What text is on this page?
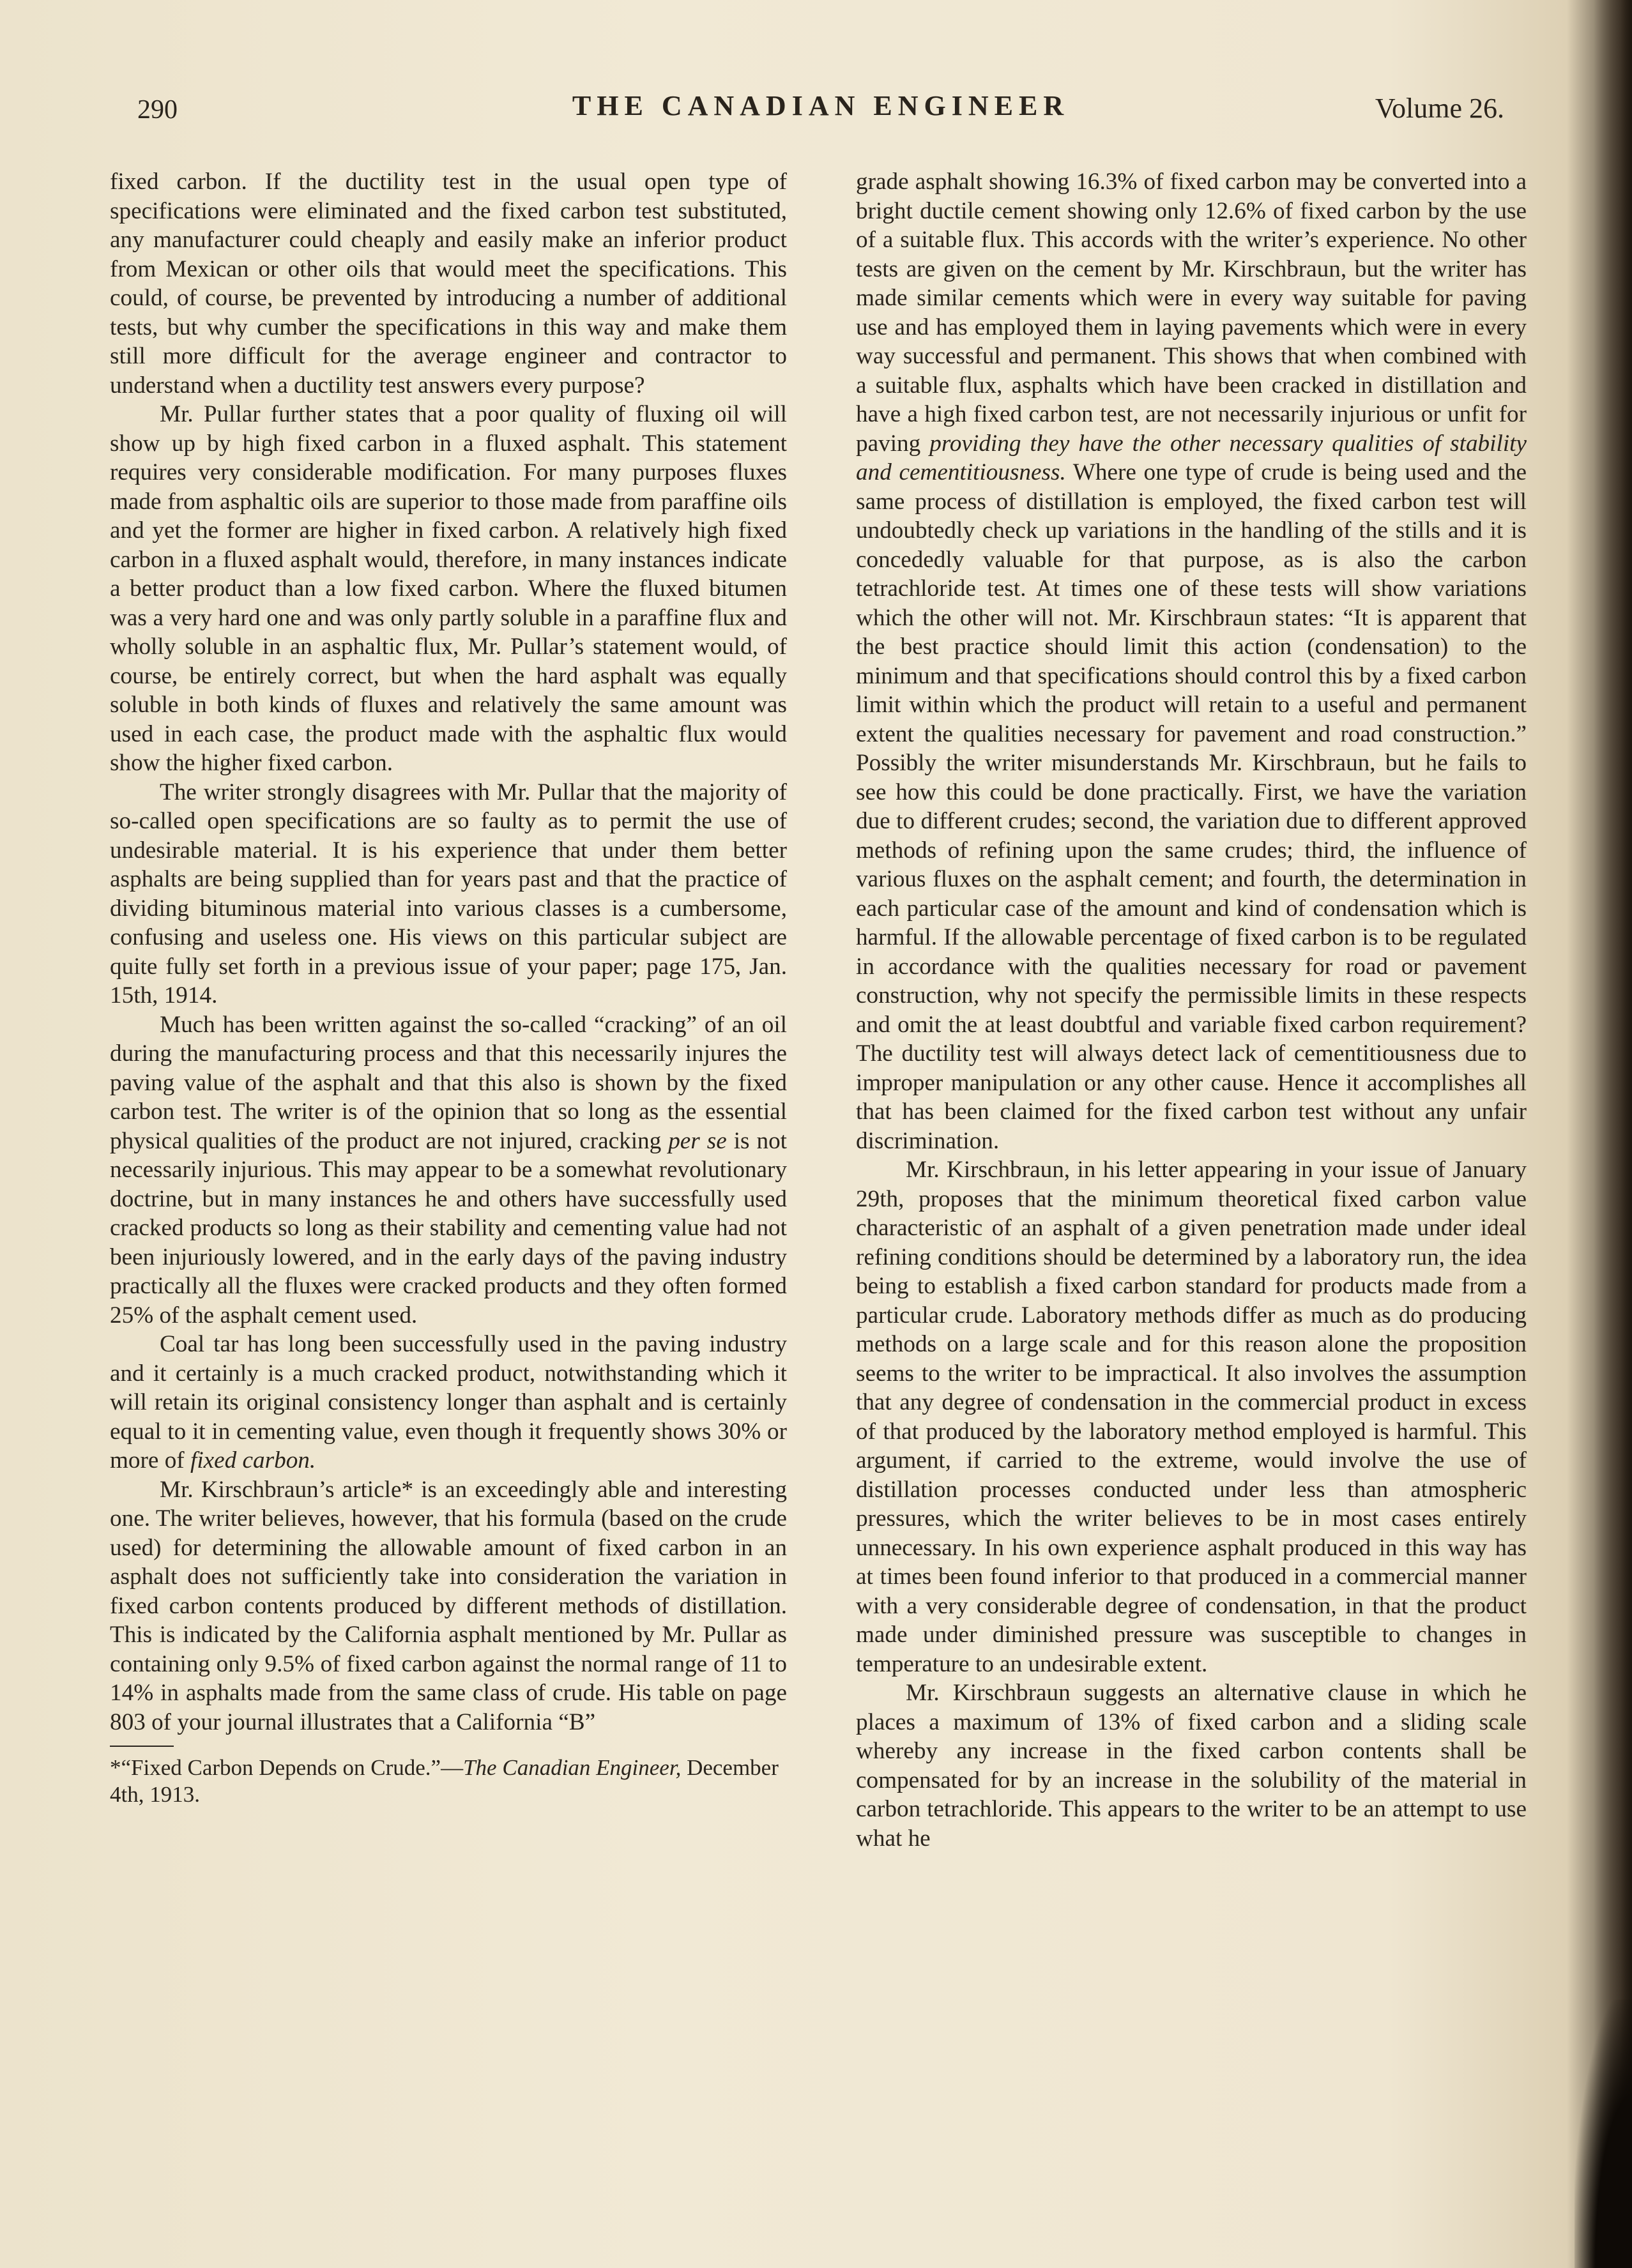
290	THE CANADIAN ENGINEER	Volume 26.

fixed carbon. If the ductility test in the usual open type of specifications were eliminated and the fixed carbon test substituted, any manufacturer could cheaply and easily make an inferior product from Mexican or other oils that would meet the specifications. This could, of course, be prevented by introducing a number of additional tests, but why cumber the specifications in this way and make them still more difficult for the average engineer and contractor to understand when a ductility test answers every purpose?

Mr. Pullar further states that a poor quality of fluxing oil will show up by high fixed carbon in a fluxed asphalt. This statement requires very considerable modification. For many purposes fluxes made from asphaltic oils are superior to those made from paraffine oils and yet the former are higher in fixed carbon. A relatively high fixed carbon in a fluxed asphalt would, therefore, in many instances indicate a better product than a low fixed carbon. Where the fluxed bitumen was a very hard one and was only partly soluble in a paraffine flux and wholly soluble in an asphaltic flux, Mr. Pullar’s statement would, of course, be entirely correct, but when the hard asphalt was equally soluble in both kinds of fluxes and relatively the same amount was used in each case, the product made with the asphaltic flux would show the higher fixed carbon.

The writer strongly disagrees with Mr. Pullar that the majority of so-called open specifications are so faulty as to permit the use of undesirable material. It is his experience that under them better asphalts are being supplied than for years past and that the practice of dividing bituminous material into various classes is a cumbersome, confusing and useless one. His views on this particular subject are quite fully set forth in a previous issue of your paper; page 175, Jan. 15th, 1914.

Much has been written against the so-called “cracking” of an oil during the manufacturing process and that this necessarily injures the paving value of the asphalt and that this also is shown by the fixed carbon test. The writer is of the opinion that so long as the essential physical qualities of the product are not injured, cracking per se is not necessarily injurious. This may appear to be a somewhat revolutionary doctrine, but in many instances he and others have successfully used cracked products so long as their stability and cementing value had not been injuriously lowered, and in the early days of the paving industry practically all the fluxes were cracked products and they often formed 25% of the asphalt cement used.

Coal tar has long been successfully used in the paving industry and it certainly is a much cracked product, notwithstanding which it will retain its original consistency longer than asphalt and is certainly equal to it in cementing value, even though it frequently shows 30% or more of fixed carbon.

Mr. Kirschbraun’s article* is an exceedingly able and interesting one. The writer believes, however, that his formula (based on the crude used) for determining the allowable amount of fixed carbon in an asphalt does not sufficiently take into consideration the variation in fixed carbon contents produced by different methods of distillation. This is indicated by the California asphalt mentioned by Mr. Pullar as containing only 9.5% of fixed carbon against the normal range of 11 to 14% in asphalts made from the same class of crude. His table on page 803 of your journal illustrates that a California “B”

*“Fixed Carbon Depends on Crude.”—The Canadian Engineer, December 4th, 1913.

grade asphalt showing 16.3% of fixed carbon may be converted into a bright ductile cement showing only 12.6% of fixed carbon by the use of a suitable flux. This accords with the writer’s experience. No other tests are given on the cement by Mr. Kirschbraun, but the writer has made similar cements which were in every way suitable for paving use and has employed them in laying pavements which were in every way successful and permanent. This shows that when combined with a suitable flux, asphalts which have been cracked in distillation and have a high fixed carbon test, are not necessarily injurious or unfit for paving providing they have the other necessary qualities of stability and cementitiousness. Where one type of crude is being used and the same process of distillation is employed, the fixed carbon test will undoubtedly check up variations in the handling of the stills and it is concededly valuable for that purpose, as is also the carbon tetrachloride test. At times one of these tests will show variations which the other will not. Mr. Kirschbraun states: “It is apparent that the best practice should limit this action (condensation) to the minimum and that specifications should control this by a fixed carbon limit within which the product will retain to a useful and permanent extent the qualities necessary for pavement and road construction.” Possibly the writer misunderstands Mr. Kirschbraun, but he fails to see how this could be done practically. First, we have the variation due to different crudes; second, the variation due to different approved methods of refining upon the same crudes; third, the influence of various fluxes on the asphalt cement; and fourth, the determination in each particular case of the amount and kind of condensation which is harmful. If the allowable percentage of fixed carbon is to be regulated in accordance with the qualities necessary for road or pavement construction, why not specify the permissible limits in these respects and omit the at least doubtful and variable fixed carbon requirement? The ductility test will always detect lack of cementitiousness due to improper manipulation or any other cause. Hence it accomplishes all that has been claimed for the fixed carbon test without any unfair discrimination.

Mr. Kirschbraun, in his letter appearing in your issue of January 29th, proposes that the minimum theoretical fixed carbon value characteristic of an asphalt of a given penetration made under ideal refining conditions should be determined by a laboratory run, the idea being to establish a fixed carbon standard for products made from a particular crude. Laboratory methods differ as much as do producing methods on a large scale and for this reason alone the proposition seems to the writer to be impractical. It also involves the assumption that any degree of condensation in the commercial product in excess of that produced by the laboratory method employed is harmful. This argument, if carried to the extreme, would involve the use of distillation processes conducted under less than atmospheric pressures, which the writer believes to be in most cases entirely unnecessary. In his own experience asphalt produced in this way has at times been found inferior to that produced in a commercial manner with a very considerable degree of condensation, in that the product made under diminished pressure was susceptible to changes in temperature to an undesirable extent.

Mr. Kirschbraun suggests an alternative clause in which he places a maximum of 13% of fixed carbon and a sliding scale whereby any increase in the fixed carbon contents shall be compensated for by an increase in the solubility of the material in carbon tetrachloride. This appears to the writer to be an attempt to use what he
